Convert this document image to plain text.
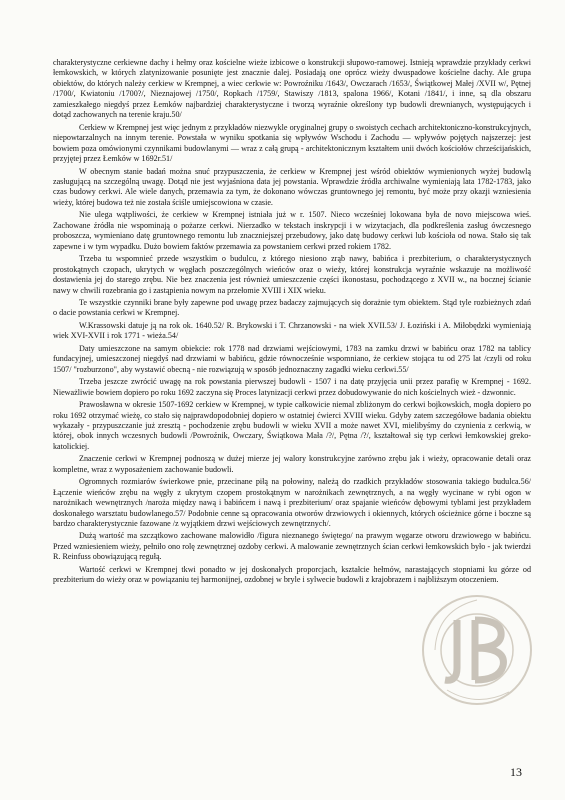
charakterystyczne cerkiewne dachy i hełmy oraz kościelne wieże izbicowe o konstrukcji słupowo-ramowej. Istnieją wprawdzie przykłady cerkwi łemkowskich, w których zlatynizowanie posunięte jest znacznie dalej. Posiadają one oprócz wieży dwuspadowe kościelne dachy. Ale grupa obiektów, do których należy cerkiew w Krempnej, a wiec cerkwie w: Powroźniku /1643/, Owczarach /1653/, Świątkowej Małej /XVII w/, Pętnej /1700/, Kwiatoniu /1700?/, Nieznajowej /1750/, Ropkach /1759/, Stawiszy /1813, spalona 1966/, Kotani /1841/, i inne, są dla obszaru zamieszkałego niegdyś przez Łemków najbardziej charakterystyczne i tworzą wyraźnie określony typ budowli drewnianych, występujących i dotąd zachowanych na terenie kraju.50/

Cerkiew w Krempnej jest więc jednym z przykładów niezwykle oryginalnej grupy o swoistych cechach architektoniczno-konstrukcyjnych, niepowtarzalnych na innym terenie. Powstała w wyniku spotkania się wpływów Wschodu i Zachodu — wpływów pojętych najszerzej: jest bowiem poza omówionymi czynnikami budowlanymi — wraz z całą grupą - architektonicznym kształtem unii dwóch kościołów chrześcijańskich, przyjętej przez Łemków w 1692r.51/

W obecnym stanie badań można snuć przypuszczenia, że cerkiew w Krempnej jest wśród obiektów wymienionych wyżej budowlą zasługującą na szczególną uwagę. Dotąd nie jest wyjaśniona data jej powstania. Wprawdzie źródła archiwalne wymieniają lata 1782-1783, jako czas budowy cerkwi. Ale wiele danych, przemawia za tym, że dokonano wówczas gruntownego jej remontu, być może przy okazji wzniesienia wieży, której budowa też nie została ściśle umiejscowiona w czasie.

Nie ulega wątpliwości, że cerkiew w Krempnej istniała już w r. 1507. Nieco wcześniej lokowana była de novo miejscowa wieś. Zachowane źródła nie wspominają o pożarze cerkwi. Nierzadko w tekstach inskrypcji i w wizytacjach, dla podkreślenia zasług ówczesnego proboszcza, wymieniano datę gruntownego remontu lub znaczniejszej przebudowy, jako datę budowy cerkwi lub kościoła od nowa. Stało się tak zapewne i w tym wypadku. Dużo bowiem faktów przemawia za powstaniem cerkwi przed rokiem 1782.

Trzeba tu wspomnieć przede wszystkim o budulcu, z którego niesiono zrąb nawy, babińca i prezbiterium, o charakterystycznych prostokątnych czopach, ukrytych w węgłach poszczególnych wieńców oraz o wieży, której konstrukcja wyraźnie wskazuje na możliwość dostawienia jej do starego zrębu. Nie bez znaczenia jest również umieszczenie części ikonostasu, pochodzącego z XVII w., na bocznej ścianie nawy w chwili rozebrania go i zastąpienia nowym na przełomie XVIII i XIX wieku.

Te wszystkie czynniki brane były zapewne pod uwagę przez badaczy zajmujących się dorażnie tym obiektem. Stąd tyle rozbieżnych zdań o dacie powstania cerkwi w Krempnej.

W.Krassowski datuje ją na rok ok. 1640.52/ R. Brykowski i T. Chrzanowski - na wiek XVII.53/ J. Łoziński i A. Miłobędzki wymieniają wiek XVI-XVII i rok 1771 - wieża.54/

Daty umieszczone na samym obiekcie: rok 1778 nad drzwiami wejściowymi, 1783 na zamku drzwi w babińcu oraz 1782 na tablicy fundacyjnej, umieszczonej niegdyś nad drzwiami w babińcu, gdzie równocześnie wspomniano, że cerkiew stojąca tu od 275 lat /czyli od roku 1507/ "rozburzono", aby wystawić obecną - nie rozwiązują w sposób jednoznaczny zagadki wieku cerkwi.55/

Trzeba jeszcze zwrócić uwagę na rok powstania pierwszej budowli - 1507 i na datę przyjęcia unii przez parafię w Krempnej - 1692. Nieważliwie bowiem dopiero po roku 1692 zaczyna się Proces latynizacji cerkwi przez dobudowywanie do nich kościelnych wież - dzwonnic.

Prawosławna w okresie 1507-1692 cerkiew w Krempnej, w typie całkowicie niemal zbliżonym do cerkwi bojkowskich, mogła dopiero po roku 1692 otrzymać wieżę, co stało się najprawdopodobniej dopiero w ostatniej ćwierci XVIII wieku. Gdyby zatem szczegółowe badania obiektu wykazały - przypuszczanie już zresztą - pochodzenie zrębu budowli w wieku XVII a może nawet XVI, mielibyśmy do czynienia z cerkwią, w której, obok innych wczesnych budowli /Powroźnik, Owczary, Świątkowa Mała /?/, Pętna /?/, kształtował się typ cerkwi łemkowskiej greko-katolickiej.

Znaczenie cerkwi w Krempnej podnoszą w dużej mierze jej walory konstrukcyjne zarówno zrębu jak i wieży, opracowanie detali oraz kompletne, wraz z wyposażeniem zachowanie budowli.

Ogromnych rozmiarów świerkowe pnie, przecinane piłą na połowiny, należą do rzadkich przykładów stosowania takiego budulca.56/ Łączenie wieńców zrębu na węgły z ukrytym czopem prostokątnym w narożnikach zewnętrznych, a na węgły wycinane w rybi ogon w narożnikach wewnętrznych /naroża między nawą i babińcem i nawą i prezbiterium/ oraz spajanie wieńców dębowymi tyblami jest przykładem doskonałego warsztatu budowlanego.57/ Podobnie cenne są opracowania otworów drzwiowych i okiennych, których ościeżnice górne i boczne są bardzo charakterystycznie fazowane /z wyjątkiem drzwi wejściowych zewnętrznych/.

Dużą wartość ma szczątkowo zachowane malowidło /figura nieznanego świętego/ na prawym węgarze otworu drzwiowego w babińcu. Przed wzniesieniem wieży, pełniło ono rolę zewnętrznej ozdoby cerkwi. A malowanie zewnętrznych ścian cerkwi łemkowskich było - jak twierdzi R. Reinfuss obowiązującą regułą.

Wartość cerkwi w Krempnej tkwi ponadto w jej doskonałych proporcjach, kształcie hełmów, narastających stopniami ku górze od prezbiterium do wieży oraz w powiązaniu tej harmonijnej, ozdobnej w bryle i sylwecie budowli z krajobrazem i najbliższym otoczeniem.

13
